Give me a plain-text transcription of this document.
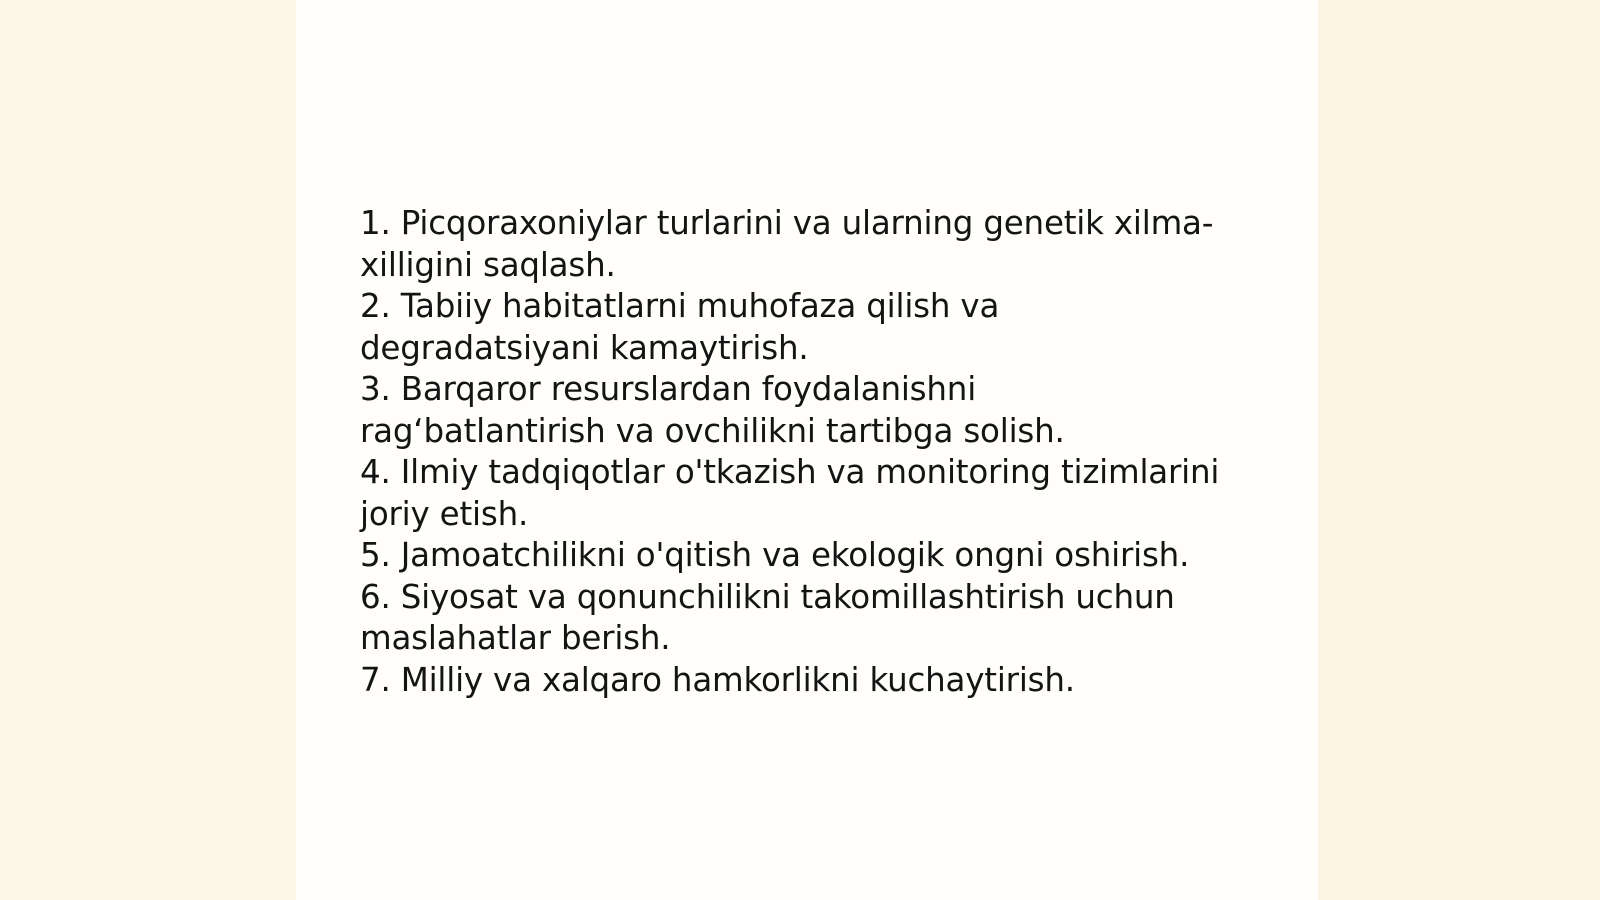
1. Picqoraxoniylar turlarini va ularning genetik xilma-

xilligini saqlash.

2. Tabiiy habitatlarni muhofaza qilish va

degradatsiyani kamaytirish.

3. Barqaror resurslardan foydalanishni

rag‘batlantirish va ovchilikni tartibga solish.

4. Ilmiy tadqiqotlar o'tkazish va monitoring tizimlarini

joriy etish.

5. Jamoatchilikni o'qitish va ekologik ongni oshirish.

6. Siyosat va qonunchilikni takomillashtirish uchun

maslahatlar berish.

7. Milliy va xalqaro hamkorlikni kuchaytirish.
